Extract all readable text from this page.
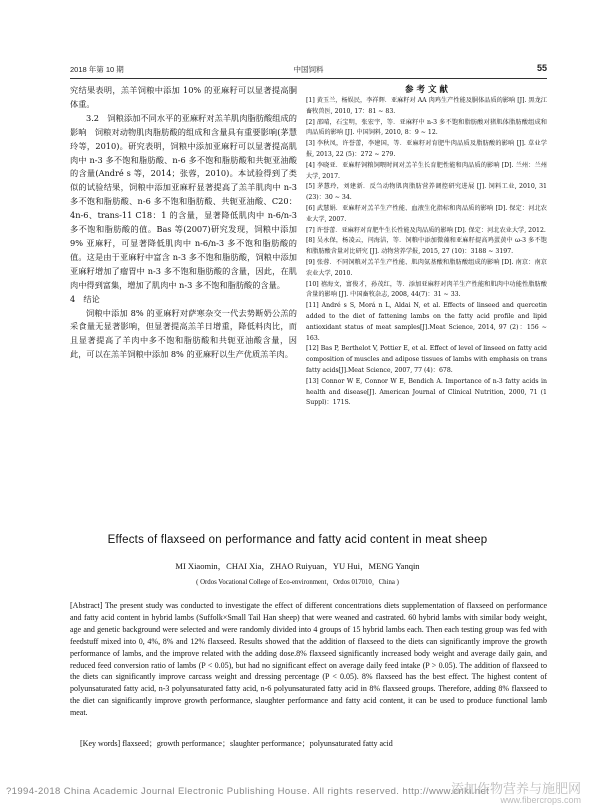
2018 年第 10 期	中国饲料	55

究结果表明，羔羊饲粮中添加 10% 的亚麻籽可以显著提高胴体重。

3.2　饲粮添加不同水平的亚麻籽对羔羊肌肉脂肪酸组成的影响　饲粮对动物肌肉脂肪酸的组成和含量具有重要影响(茅慧玲等，2010)。研究表明，饲粮中添加亚麻籽可以显著提高肌肉中 n-3 多不饱和脂肪酸、n-6 多不饱和脂肪酸和共轭亚油酸的含量(André s 等，2014；张蓉，2010)。本试验得到了类似的试验结果，饲粮中添加亚麻籽显著提高了羔羊肌肉中 n-3 多不饱和脂肪酸、n-6 多不饱和脂肪酸、共轭亚油酸、C20：4n-6、trans-11 C18：1 的含量，显著降低肌肉中 n-6/n-3 多不饱和脂肪酸的值。Bas 等(2007)研究发现，饲粮中添加 9% 亚麻籽，可显著降低肌肉中 n-6/n-3 多不饱和脂肪酸的值。这是由于亚麻籽中富含 n-3 多不饱和脂肪酸，饲粮中添加亚麻籽增加了瘤胃中 n-3 多不饱和脂肪酸的含量，因此，在肌肉中得到富集，增加了肌肉中 n-3 多不饱和脂肪酸的含量。

4　结论

饲粮中添加 8% 的亚麻籽对萨寒杂交一代去势断奶公羔的采食量无显著影响，但显著提高羔羊日增重，降低料肉比，而且显著提高了羊肉中多不饱和脂肪酸和共轭亚油酸含量，因此，可以在羔羊饲粮中添加 8% 的亚麻籽以生产优质羔羊肉。

参 考 文 献

[1] 黄玉兰，杨娱民，李祥辉．亚麻籽对 AA 肉鸡生产性能及胴体品质的影响 [J]. 黑龙江畜牧兽医, 2010, 17：81 ~ 83.

[2] 邵晴，石宝明，张宏宇，等．亚麻籽中 n-3 多不饱和脂肪酸对猪肌体脂肪酸组成和肉品质的影响 [J]. 中国饲料, 2010, 8：9 ~ 12.

[3] 李秋凤，许誉蕾，李建国，等．亚麻籽对育肥牛肉品质及脂肪酸的影响 [J]. 草业学报, 2013, 22 (5)：272 ~ 279.

[4] 李晓亚．亚麻籽饲粮饲喂时间对羔羊生长育肥性能和肉品质的影响 [D]. 兰州：兰州大学, 2017.

[5] 茅慧玲，刘建新．反刍动物肌肉脂肪营养调控研究进展 [J]. 饲料工业, 2010, 31 (23)：30 ~ 34.

[6] 武慧娟．亚麻籽对羔羊生产性能、血液生化指标和肉品质的影响 [D]. 保定：河北农业大学, 2007.

[7] 许誉蕾．亚麻籽对育肥牛生长性能及肉品质的影响 [D]. 保定：河北农业大学, 2012.

[8] 吴永保，杨凌云，闫海洁，等．饲粮中添加微藻和亚麻籽提高鸡蛋黄中 ω-3 多不饱和脂肪酸含量对比研究 [J]. 动物营养学报, 2015, 27 (10)：3188 ~ 3197.

[9] 张蓉．不同饲粮对羔羊生产性能、肌肉氨基酸和脂肪酸组成的影响 [D]. 南京：南京农业大学, 2010.

[10] 禧海文，富俊才，孙茂红，等．添加亚麻籽对肉羊生产性能和肌肉中功能性脂肪酸含量的影响 [J]. 中国畜牧杂志, 2008, 44(7)：31 ~ 33.

[11] André s S, Morá n L, Aldai N, et al. Effects of linseed and quercetin added to the diet of fattening lambs on the fatty acid profile and lipid antioxidant status of meat samples[J].Meat Science, 2014, 97 (2)：156 ~ 163.

[12] Bas P, Berthelot V, Pottier E, et al. Effect of level of linseed on fatty acid composition of muscles and adipose tissues of lambs with emphasis on trans fatty acids[J].Meat Science, 2007, 77 (4)：678.

[13] Connor W E, Connor W E, Bendich A. Importance of n-3 fatty acids in health and disease[J]. American Journal of Clinical Nutrition, 2000, 71 (1 Suppl)：171S.

Effects of flaxseed on performance and fatty acid content in meat sheep
MI Xiaomin，CHAI Xia，ZHAO Ruiyuan，YU Hui，MENG Yanqin
( Ordos Vocational College of Eco-environment，Ordos 017010，China )

[Abstract] The present study was conducted to investigate the effect of different concentrations diets supplementation of flaxseed on performance and fatty acid content in hybrid lambs (Suffolk×Small Tail Han sheep) that were weaned and castrated. 60 hybrid lambs with similar body weight, age and genetic background were selected and were randomly divided into 4 groups of 15 hybrid lambs each. Then each testing group was fed with feedstuff mixed into 0, 4%, 8% and 12% flaxseed. Results showed that the addition of flaxseed to the diets can significantly improve the growth performance of lambs, and the improve related with the adding dose.8% flaxseed significantly increased body weight and average daily gain, and reduced feed conversion ratio of lambs (P < 0.05), but had no significant effect on average daily feed intake (P > 0.05). The addition of flaxseed to the diets can significantly improve carcass weight and dressing percentage (P < 0.05). 8% flaxseed has the best effect. The highest content of polyunsaturated fatty acid, n-3 polyunsaturated fatty acid, n-6 polyunsaturated fatty acid in 8% flaxseed groups. Therefore, adding 8% flaxseed to the diet can significantly improve growth performance, slaughter performance and fatty acid content, it can be used to produce functional lamb meat.

[Key words] flaxseed；growth performance；slaughter performance；polyunsaturated fatty acid
?1994-2018 China Academic Journal Electronic Publishing House. All rights reserved. http://www.cnki.net
添加作物营养与施肥网
www.fibercrops.com
